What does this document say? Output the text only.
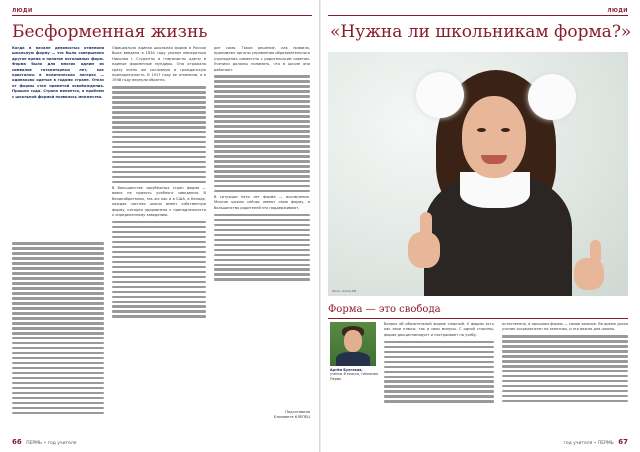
ЛЮДИ
Бесформенная жизнь

Когда в начале девяностых отменили школьную форму — это было совершенно другое время и понятие поголовных форм. Форма была для многих одним из символов тоталитарных лет, как кристаллы в политических лагерях — одинаково одетые в годами стране. Отказ от формы стал приметой освобождения. Прошло года. Страна меняется, а проблем с школьной формой появилось множество.

Официально единая школьная форма в России была введена в 1834 году указом императора Николая I. Студенты и гимназисты одеты в единые форменные мундиры. Она отражала сразу очень же сословную и гражданскую принадлежность. В 1917 году ее отменили, а в 1948 году вернули обратно.

В большинстве зарубежных стран форма — вовсе не прихоть учебного заведения. В Великобритании, так же как и в США, в Канаде, каждая частная школа имеет собственную форму, которая приравнена к принадлежности к определенному заведению.

рит сама. Такое решение, как правило, принимают органы управления образовательного учреждения совместно с родительским советом. Ученики должны понимать, что в школе они работают.

В ситуации пяти лет форма — исключение. Многие школы сейчас имеют свою форму, и большинство родителей это поддерживают.

Подготовила
Елизавета КЛЕПЕЦ
66 ПЕРМЬ • год учителя
ЛЮДИ
«Нужна ли школьникам форма?»
Фото: Агата.РФ
Форма — это свобода
Артём Булгаков,
ученик 8 класса, гимназия Пермь

Вопрос об обязательной форме спорный. У формы есть как свои плюсы, так и свои минусы. С одной стороны, форма дисциплинирует и настраивает на учебу.

естественно, в прошлом форма — самое важное. Во время урока ученик сосредоточен на занятиях, и это важно для школы.

год учителя • ПЕРМЬ 67
